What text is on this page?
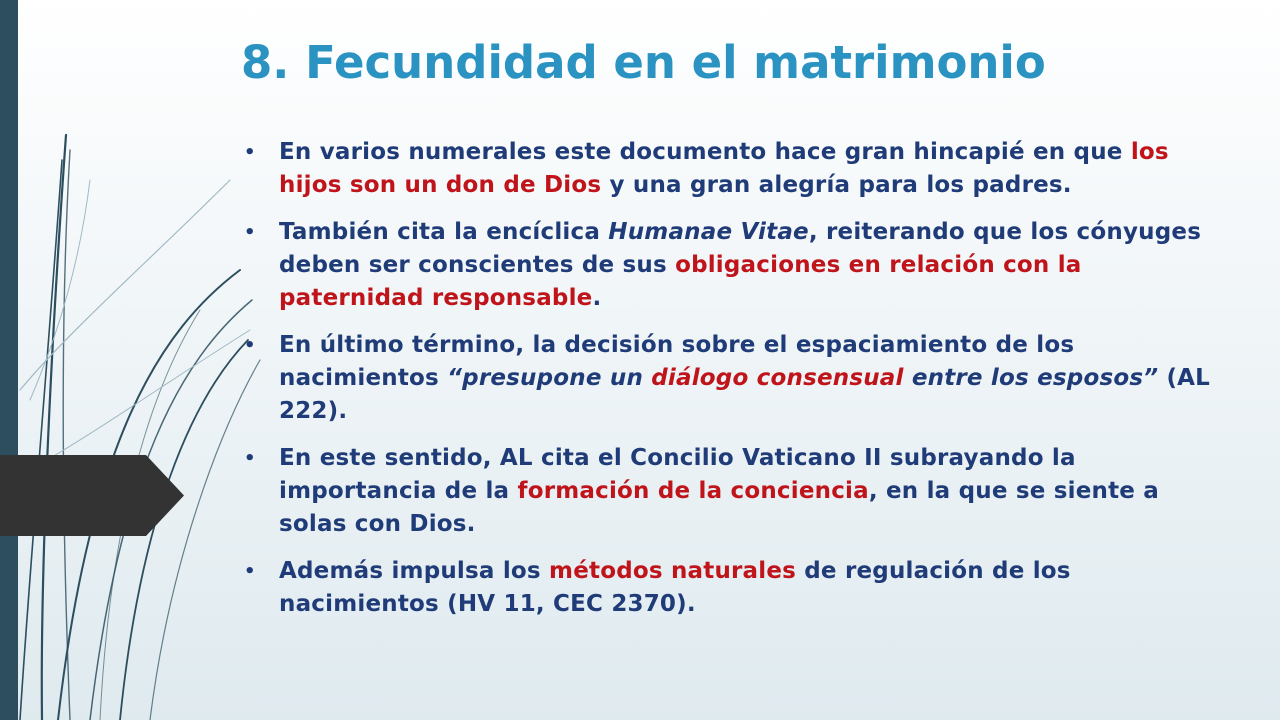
8. Fecundidad en el matrimonio
• En varios numerales este documento hace gran hincapié en que los hijos son un don de Dios y una gran alegría para los padres.
• También cita la encíclica Humanae Vitae, reiterando que los cónyuges deben ser conscientes de sus obligaciones en relación con la paternidad responsable.
• En último término, la decisión sobre el espaciamiento de los nacimientos “presupone un diálogo consensual entre los esposos” (AL 222).
• En este sentido, AL cita el Concilio Vaticano II subrayando la importancia de la formación de la conciencia, en la que se siente a solas con Dios.
• Además impulsa los métodos naturales de regulación de los nacimientos (HV 11, CEC 2370).
